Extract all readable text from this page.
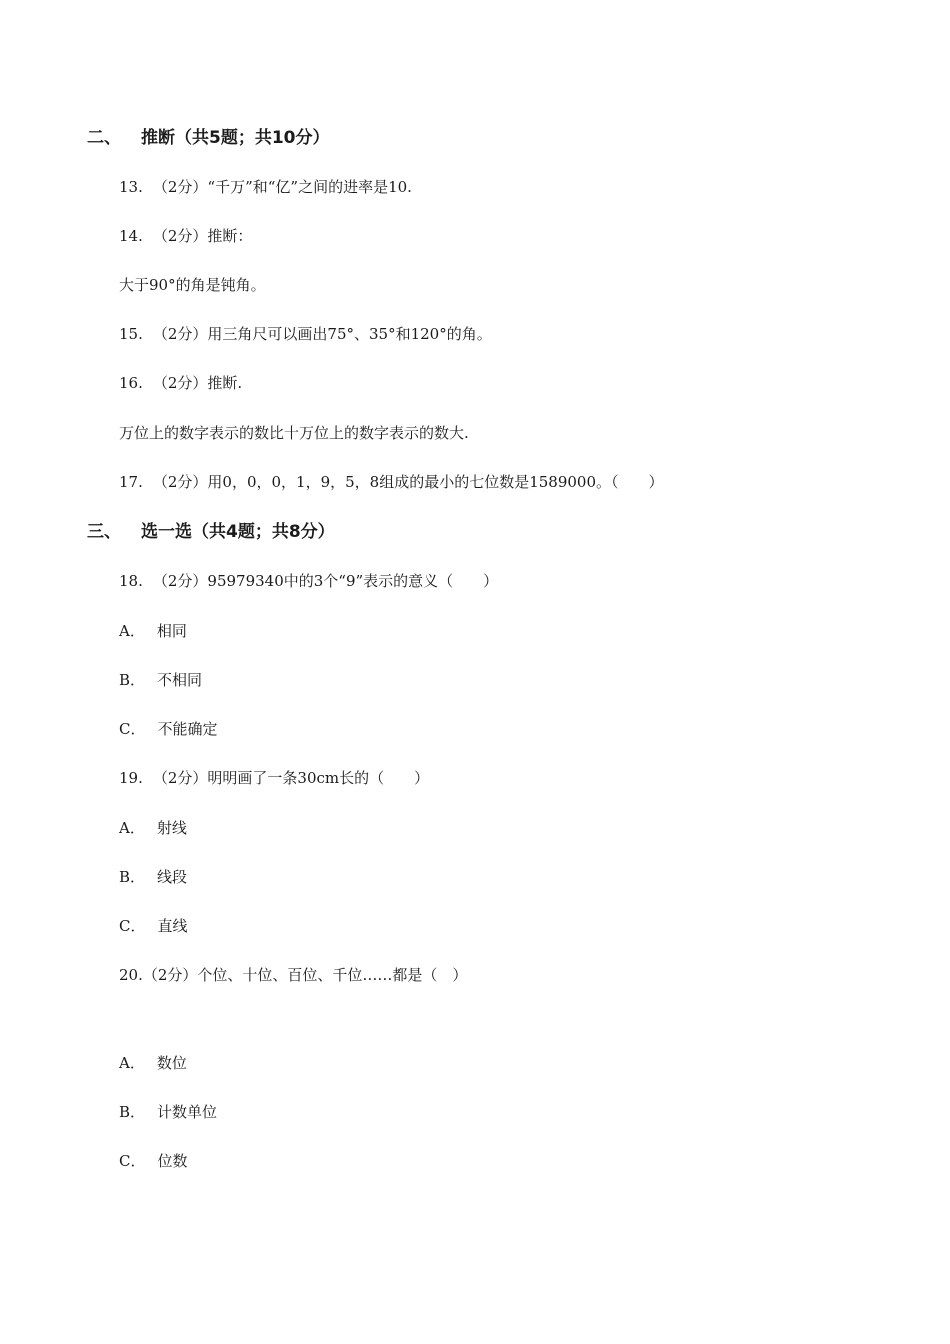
二、 推断（共5题；共10分）
13. （2分）“千万”和“亿”之间的进率是10.
14. （2分）推断：
大于90°的角是钝角。
15. （2分）用三角尺可以画出75°、35°和120°的角。
16. （2分）推断.
万位上的数字表示的数比十万位上的数字表示的数大.
17. （2分）用0，0，0，1，9，5，8组成的最小的七位数是1589000。（　　）
三、 选一选（共4题；共8分）
18. （2分）95979340中的3个“9”表示的意义（　　）
A． 相同
B． 不相同
C． 不能确定
19. （2分）明明画了一条30cm长的（　　）
A． 射线
B． 线段
C． 直线
20.（2分）个位、十位、百位、千位……都是（　）
A． 数位
B． 计数单位
C． 位数
